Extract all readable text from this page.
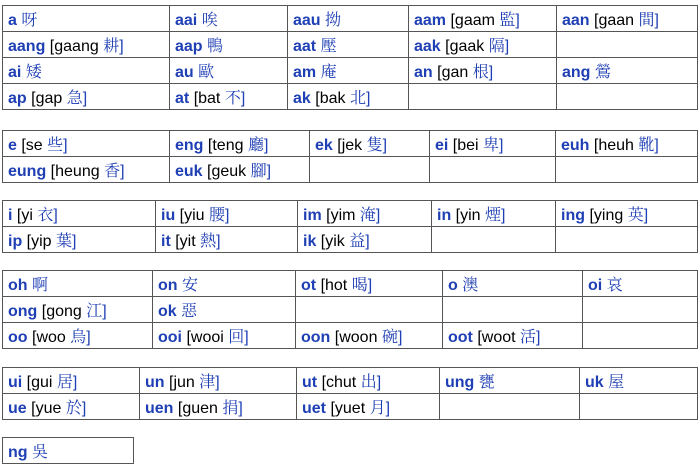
a 呀	aai 唉	aau 拗	aam [gaam 監]	aan [gaan 間]
aang [gaang 耕]	aap 鴨	aat 壓	aak [gaak 隔]	
ai 矮	au 歐	am 庵	an [gan 根]	ang 鶯
ap [gap 急]	at [bat 不]	ak [bak 北]		
e [se 些]	eng [teng 廳]	ek [jek 隻]	ei [bei 卑]	euh [heuh 靴]
eung [heung 香]	euk [geuk 腳]			
i [yi 衣]	iu [yiu 腰]	im [yim 淹]	in [yin 煙]	ing [ying 英]
ip [yip 葉]	it [yit 熱]	ik [yik 益]		
oh 啊	on 安	ot [hot 喝]	o 澳	oi 哀
ong [gong 江]	ok 惡			
oo [woo 烏]	ooi [wooi 回]	oon [woon 碗]	oot [woot 活]	
ui [gui 居]	un [jun 津]	ut [chut 出]	ung 甕	uk 屋
ue [yue 於]	uen [guen 捐]	uet [yuet 月]		
ng 吳
